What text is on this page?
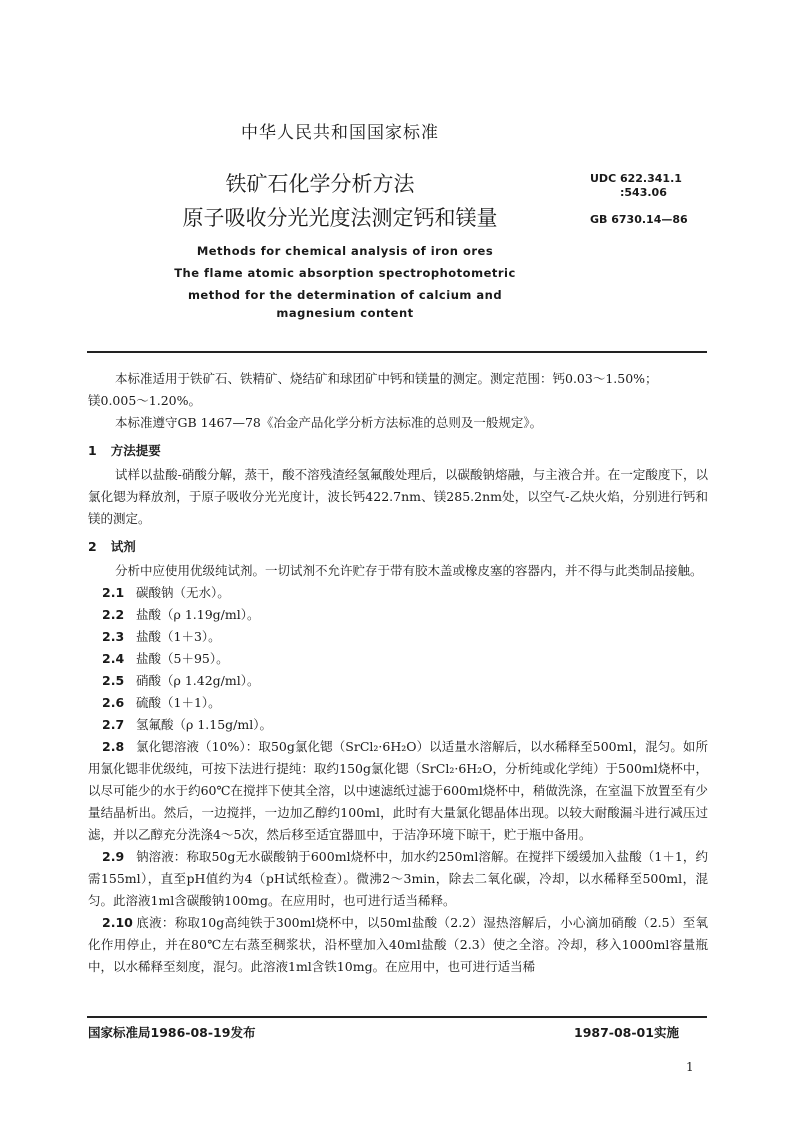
中华人民共和国国家标准
铁矿石化学分析方法
原子吸收分光光度法测定钙和镁量
UDC 622.341.1
:543.06
GB 6730.14—86
Methods for chemical analysis of iron ores
The flame atomic absorption spectrophotometric
method for the determination of calcium and
magnesium content

本标准适用于铁矿石、铁精矿、烧结矿和球团矿中钙和镁量的测定。测定范围：钙0.03～1.50%；

镁0.005～1.20%。

本标准遵守GB 1467—78《冶金产品化学分析方法标准的总则及一般规定》。

1 方法提要

试样以盐酸-硝酸分解，蒸干，酸不溶残渣经氢氟酸处理后，以碳酸钠熔融，与主液合并。在一定酸度下，以氯化锶为释放剂，于原子吸收分光光度计，波长钙422.7nm、镁285.2nm处，以空气-乙炔火焰，分别进行钙和镁的测定。

2 试剂

分析中应使用优级纯试剂。一切试剂不允许贮存于带有胶木盖或橡皮塞的容器内，并不得与此类制品接触。

2.1 碳酸钠（无水）。

2.2 盐酸（ρ 1.19g/ml）。

2.3 盐酸（1＋3）。

2.4 盐酸（5＋95）。

2.5 硝酸（ρ 1.42g/ml）。

2.6 硫酸（1＋1）。

2.7 氢氟酸（ρ 1.15g/ml）。

2.8 氯化锶溶液（10%）：取50g氯化锶（SrCl₂·6H₂O）以适量水溶解后，以水稀释至500ml，混匀。如所用氯化锶非优级纯，可按下法进行提纯：取约150g氯化锶（SrCl₂·6H₂O，分析纯或化学纯）于500ml烧杯中，以尽可能少的水于约60℃在搅拌下使其全溶，以中速滤纸过滤于600ml烧杯中，稍做洗涤，在室温下放置至有少量结晶析出。然后，一边搅拌，一边加乙醇约100ml，此时有大量氯化锶晶体出现。以较大耐酸漏斗进行减压过滤，并以乙醇充分洗涤4～5次，然后移至适宜器皿中，于洁净环境下晾干，贮于瓶中备用。

2.9 钠溶液：称取50g无水碳酸钠于600ml烧杯中，加水约250ml溶解。在搅拌下缓缓加入盐酸（1＋1，约需155ml），直至pH值约为4（pH试纸检查）。微沸2～3min，除去二氧化碳，冷却，以水稀释至500ml，混匀。此溶液1ml含碳酸钠100mg。在应用时，也可进行适当稀释。

2.10 底液：称取10g高纯铁于300ml烧杯中，以50ml盐酸（2.2）湿热溶解后，小心滴加硝酸（2.5）至氧化作用停止，并在80℃左右蒸至稠浆状，沿杯壁加入40ml盐酸（2.3）使之全溶。冷却，移入1000ml容量瓶中，以水稀释至刻度，混匀。此溶液1ml含铁10mg。在应用中，也可进行适当稀

国家标准局1986-08-19发布	1987-08-01实施
1
